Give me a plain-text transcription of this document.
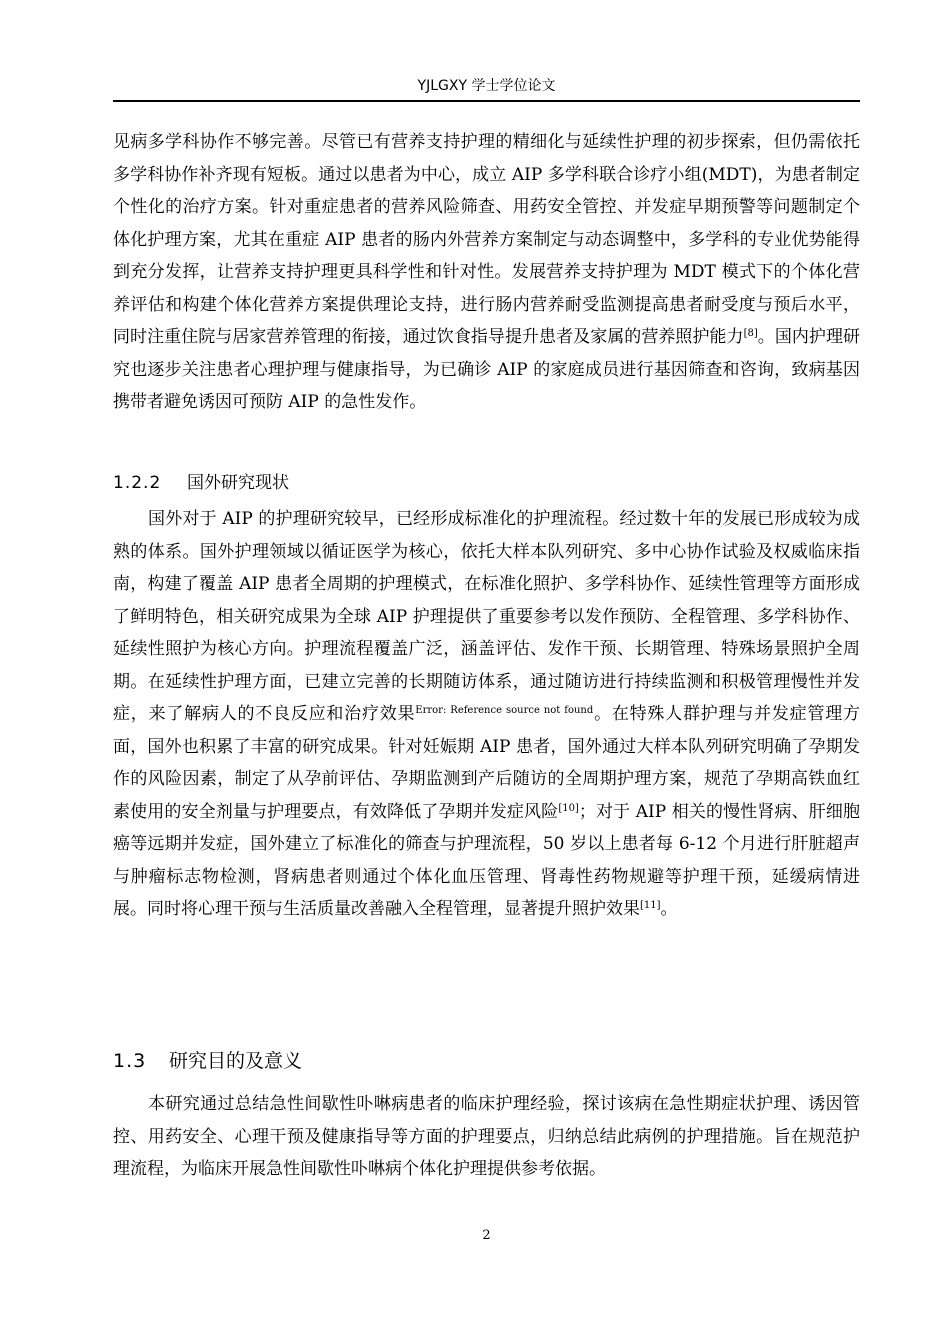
YJLGXY 学士学位论文

见病多学科协作不够完善。尽管已有营养支持护理的精细化与延续性护理的初步探索，但仍需依托多学科协作补齐现有短板。通过以患者为中心，成立 AIP 多学科联合诊疗小组(MDT)，为患者制定个性化的治疗方案。针对重症患者的营养风险筛查、用药安全管控、并发症早期预警等问题制定个体化护理方案，尤其在重症 AIP 患者的肠内外营养方案制定与动态调整中，多学科的专业优势能得到充分发挥，让营养支持护理更具科学性和针对性。发展营养支持护理为 MDT 模式下的个体化营养评估和构建个体化营养方案提供理论支持，进行肠内营养耐受监测提高患者耐受度与预后水平，同时注重住院与居家营养管理的衔接，通过饮食指导提升患者及家属的营养照护能力[8]。国内护理研究也逐步关注患者心理护理与健康指导，为已确诊 AIP 的家庭成员进行基因筛查和咨询，致病基因携带者避免诱因可预防 AIP 的急性发作。

1.2.2 国外研究现状

国外对于 AIP 的护理研究较早，已经形成标准化的护理流程。经过数十年的发展已形成较为成熟的体系。国外护理领域以循证医学为核心，依托大样本队列研究、多中心协作试验及权威临床指南，构建了覆盖 AIP 患者全周期的护理模式，在标准化照护、多学科协作、延续性管理等方面形成了鲜明特色，相关研究成果为全球 AIP 护理提供了重要参考以发作预防、全程管理、多学科协作、延续性照护为核心方向。护理流程覆盖广泛，涵盖评估、发作干预、长期管理、特殊场景照护全周期。在延续性护理方面，已建立完善的长期随访体系，通过随访进行持续监测和积极管理慢性并发症，来了解病人的不良反应和治疗效果$^{Error: Reference source not found}$。在特殊人群护理与并发症管理方面，国外也积累了丰富的研究成果。针对妊娠期 AIP 患者，国外通过大样本队列研究明确了孕期发作的风险因素，制定了从孕前评估、孕期监测到产后随访的全周期护理方案，规范了孕期高铁血红素使用的安全剂量与护理要点，有效降低了孕期并发症风险[10]；对于 AIP 相关的慢性肾病、肝细胞癌等远期并发症，国外建立了标准化的筛查与护理流程，50 岁以上患者每 6-12 个月进行肝脏超声与肿瘤标志物检测，肾病患者则通过个体化血压管理、肾毒性药物规避等护理干预，延缓病情进展。同时将心理干预与生活质量改善融入全程管理，显著提升照护效果[11]。

1.3 研究目的及意义

本研究通过总结急性间歇性卟啉病患者的临床护理经验，探讨该病在急性期症状护理、诱因管控、用药安全、心理干预及健康指导等方面的护理要点，归纳总结此病例的护理措施。旨在规范护理流程，为临床开展急性间歇性卟啉病个体化护理提供参考依据。

2
